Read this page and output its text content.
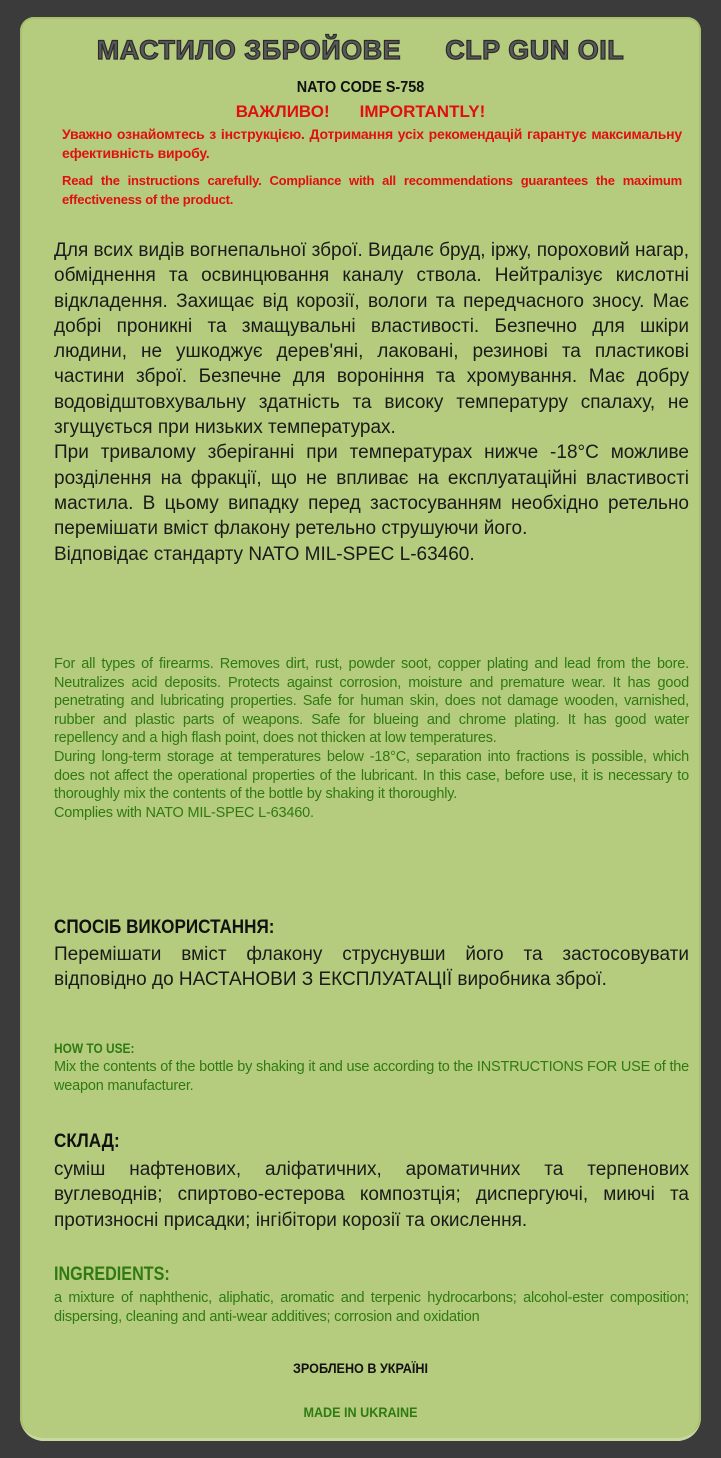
МАСТИЛО ЗБРОЙОВЕ CLP GUN OIL
NATO CODE S-758
ВАЖЛИВО! IMPORTANTLY!
Уважно ознайомтесь з інструкцією. Дотримання усіх рекомендацій гарантує максимальну ефективність виробу.
Read the instructions carefully. Compliance with all recommendations guarantees the maximum effectiveness of the product.

Для всих видів вогнепальної зброї. Видалє бруд, іржу, пороховий нагар, обміднення та освинцювання каналу ствола. Нейтралізує кислотні відкладення. Захищає від корозії, вологи та передчасного зносу. Має добрі проникні та змащувальні властивості. Безпечно для шкіри людини, не ушкоджує дерев'яні, лаковані, резинові та пластикові частини зброї. Безпечне для вороніння та хромування. Має добру водовідштовхувальну здатність та високу температуру спалаху, не згущується при низьких температурах.

При тривалому зберіганні при температурах нижче -18°C можливе розділення на фракції, що не впливає на експлуатаційні властивості мастила. В цьому випадку перед застосуванням необхідно ретельно перемішати вміст флакону ретельно струшуючи його.

Відповідає стандарту NATO MIL-SPEC L-63460.

For all types of firearms. Removes dirt, rust, powder soot, copper plating and lead from the bore. Neutralizes acid deposits. Protects against corrosion, moisture and premature wear. It has good penetrating and lubricating properties. Safe for human skin, does not damage wooden, varnished, rubber and plastic parts of weapons. Safe for blueing and chrome plating. It has good water repellency and a high flash point, does not thicken at low temperatures.

During long-term storage at temperatures below -18°C, separation into fractions is possible, which does not affect the operational properties of the lubricant. In this case, before use, it is necessary to thoroughly mix the contents of the bottle by shaking it thoroughly.

Complies with NATO MIL-SPEC L-63460.

СПОСІБ ВИКОРИСТАННЯ:
Перемішати вміст флакону струснувши його та застосовувати відповідно до НАСТАНОВИ З ЕКСПЛУАТАЦІЇ виробника зброї.
HOW TO USE:
Mix the contents of the bottle by shaking it and use according to the INSTRUCTIONS FOR USE of the weapon manufacturer.
СКЛАД:
суміш нафтенових, аліфатичних, ароматичних та терпенових вуглеводнів; спиртово-естерова композтція; диспергуючі, миючі та протизносні присадки; інгібітори корозії та окислення.
INGREDIENTS:
a mixture of naphthenic, aliphatic, aromatic and terpenic hydrocarbons; alcohol-ester composition; dispersing, cleaning and anti-wear additives; corrosion and oxidation
ЗРОБЛЕНО В УКРАЇНІ
MADE IN UKRAINE
